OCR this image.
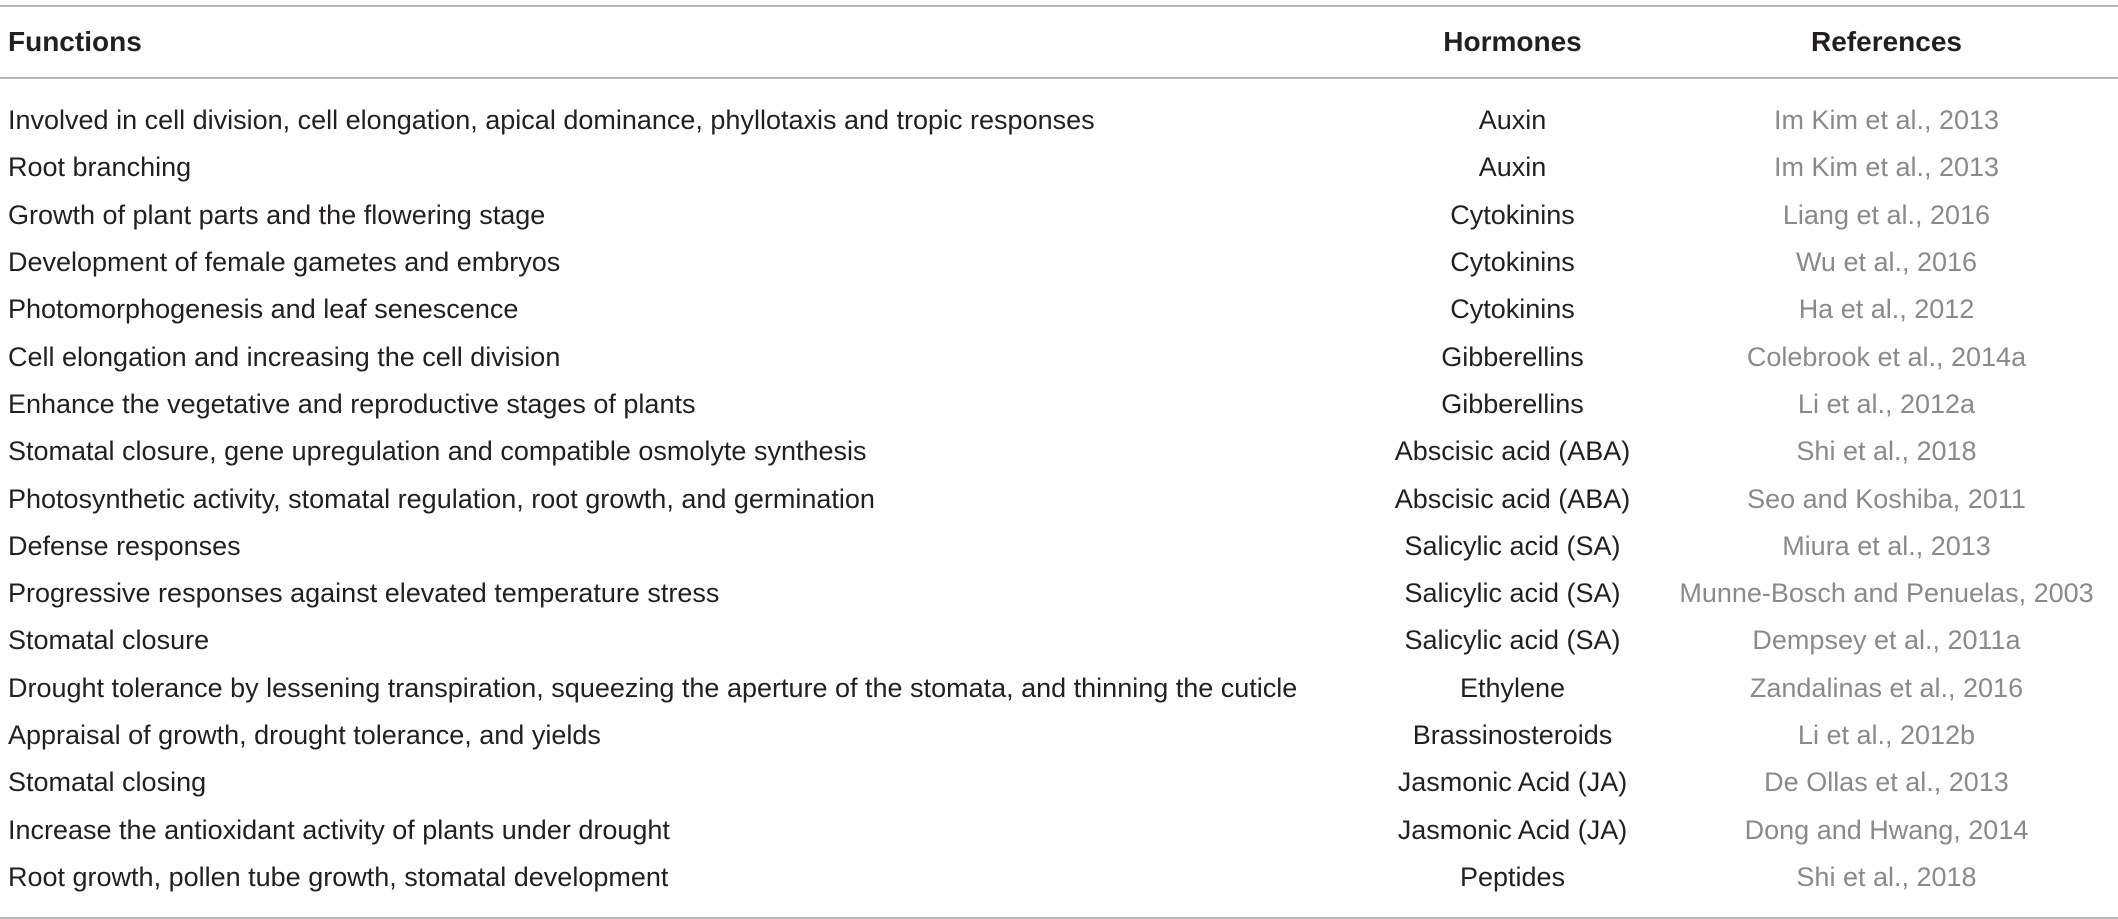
Functions	Hormones	References
Involved in cell division, cell elongation, apical dominance, phyllotaxis and tropic responses	Auxin	Im Kim et al., 2013
Root branching	Auxin	Im Kim et al., 2013
Growth of plant parts and the flowering stage	Cytokinins	Liang et al., 2016
Development of female gametes and embryos	Cytokinins	Wu et al., 2016
Photomorphogenesis and leaf senescence	Cytokinins	Ha et al., 2012
Cell elongation and increasing the cell division	Gibberellins	Colebrook et al., 2014a
Enhance the vegetative and reproductive stages of plants	Gibberellins	Li et al., 2012a
Stomatal closure, gene upregulation and compatible osmolyte synthesis	Abscisic acid (ABA)	Shi et al., 2018
Photosynthetic activity, stomatal regulation, root growth, and germination	Abscisic acid (ABA)	Seo and Koshiba, 2011
Defense responses	Salicylic acid (SA)	Miura et al., 2013
Progressive responses against elevated temperature stress	Salicylic acid (SA)	Munne-Bosch and Penuelas, 2003
Stomatal closure	Salicylic acid (SA)	Dempsey et al., 2011a
Drought tolerance by lessening transpiration, squeezing the aperture of the stomata, and thinning the cuticle	Ethylene	Zandalinas et al., 2016
Appraisal of growth, drought tolerance, and yields	Brassinosteroids	Li et al., 2012b
Stomatal closing	Jasmonic Acid (JA)	De Ollas et al., 2013
Increase the antioxidant activity of plants under drought	Jasmonic Acid (JA)	Dong and Hwang, 2014
Root growth, pollen tube growth, stomatal development	Peptides	Shi et al., 2018
